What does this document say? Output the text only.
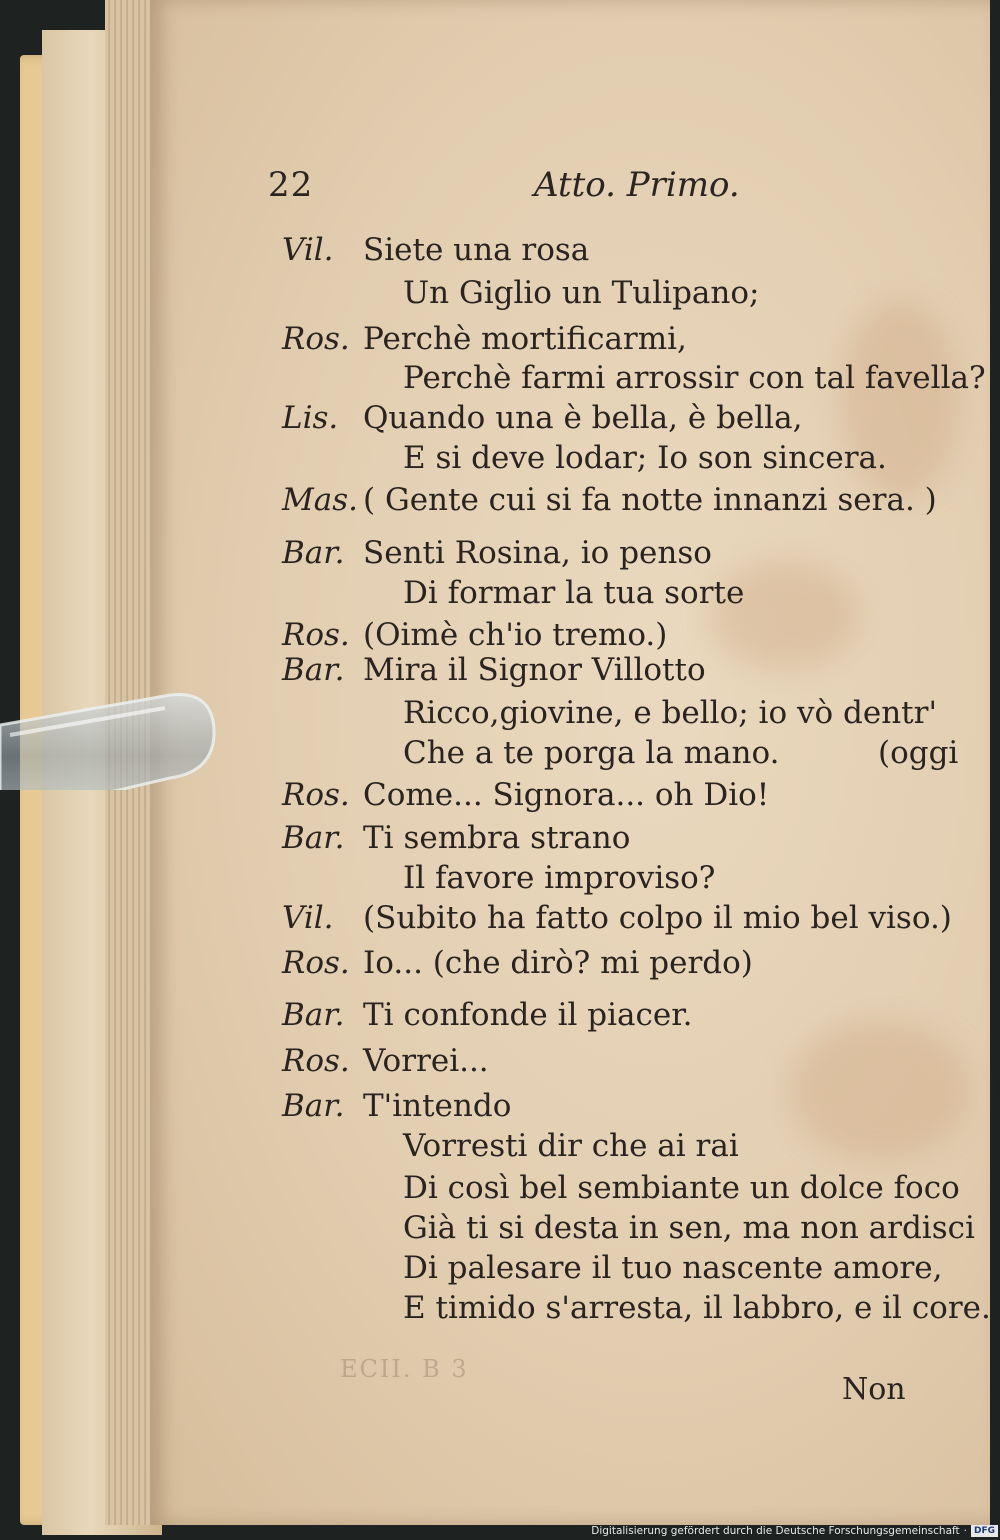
22	Atto. Primo.
Vil. Siete una rosa
Un Giglio un Tulipano;
Ros. Perchè mortificarmi,
Perchè farmi arrossir con tal favella?
Lis. Quando una è bella, è bella,
E si deve lodar; Io son sincera.
Mas. ( Gente cui si fa notte innanzi sera. )
Bar. Senti Rosina, io penso
Di formar la tua sorte
Ros. (Oimè ch'io tremo.)
Bar. Mira il Signor Villotto
Ricco,giovine, e bello; io vò dentr'
Che a te porga la mano.          (oggi
Ros. Come... Signora... oh Dio!
Bar. Ti sembra strano
Il favore improviso?
Vil. (Subito ha fatto colpo il mio bel viso.)
Ros. Io... (che dirò? mi perdo)
Bar. Ti confonde il piacer.
Ros. Vorrei...
Bar. T'intendo
Vorresti dir che ai rai
Di così bel sembiante un dolce foco
Già ti si desta in sen, ma non ardisci
Di palesare il tuo nascente amore,
E timido s'arresta, il labbro, e il core.
ECII. B 3
Non
Digitalisierung gefördert durch die Deutsche Forschungsgemeinschaft · DFG
